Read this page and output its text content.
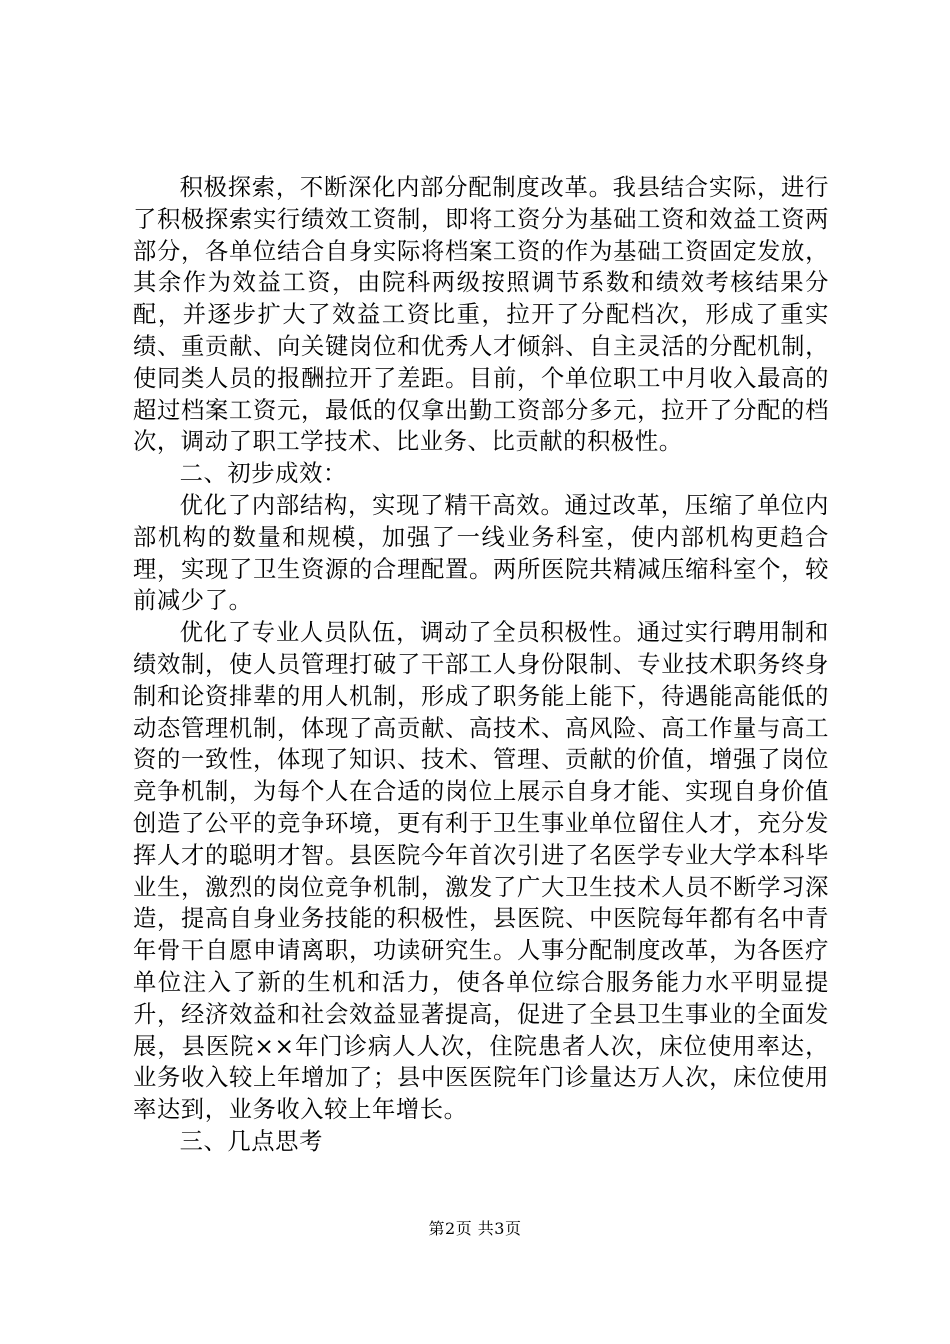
积极探索，不断深化内部分配制度改革。我县结合实际，进行了积极探索实行绩效工资制，即将工资分为基础工资和效益工资两部分，各单位结合自身实际将档案工资的作为基础工资固定发放，其余作为效益工资，由院科两级按照调节系数和绩效考核结果分配，并逐步扩大了效益工资比重，拉开了分配档次，形成了重实绩、重贡献、向关键岗位和优秀人才倾斜、自主灵活的分配机制，使同类人员的报酬拉开了差距。目前，个单位职工中月收入最高的超过档案工资元，最低的仅拿出勤工资部分多元，拉开了分配的档次，调动了职工学技术、比业务、比贡献的积极性。

二、初步成效：

优化了内部结构，实现了精干高效。通过改革，压缩了单位内部机构的数量和规模，加强了一线业务科室，使内部机构更趋合理，实现了卫生资源的合理配置。两所医院共精减压缩科室个，较前减少了。

优化了专业人员队伍，调动了全员积极性。通过实行聘用制和绩效制，使人员管理打破了干部工人身份限制、专业技术职务终身制和论资排辈的用人机制，形成了职务能上能下，待遇能高能低的动态管理机制，体现了高贡献、高技术、高风险、高工作量与高工资的一致性，体现了知识、技术、管理、贡献的价值，增强了岗位竞争机制，为每个人在合适的岗位上展示自身才能、实现自身价值创造了公平的竞争环境，更有利于卫生事业单位留住人才，充分发挥人才的聪明才智。县医院今年首次引进了名医学专业大学本科毕业生，激烈的岗位竞争机制，激发了广大卫生技术人员不断学习深造，提高自身业务技能的积极性，县医院、中医院每年都有名中青年骨干自愿申请离职，功读研究生。人事分配制度改革，为各医疗单位注入了新的生机和活力，使各单位综合服务能力水平明显提升，经济效益和社会效益显著提高，促进了全县卫生事业的全面发展，县医院××年门诊病人人次，住院患者人次，床位使用率达，业务收入较上年增加了；县中医医院年门诊量达万人次，床位使用率达到，业务收入较上年增长。

三、几点思考

第2页 共3页
